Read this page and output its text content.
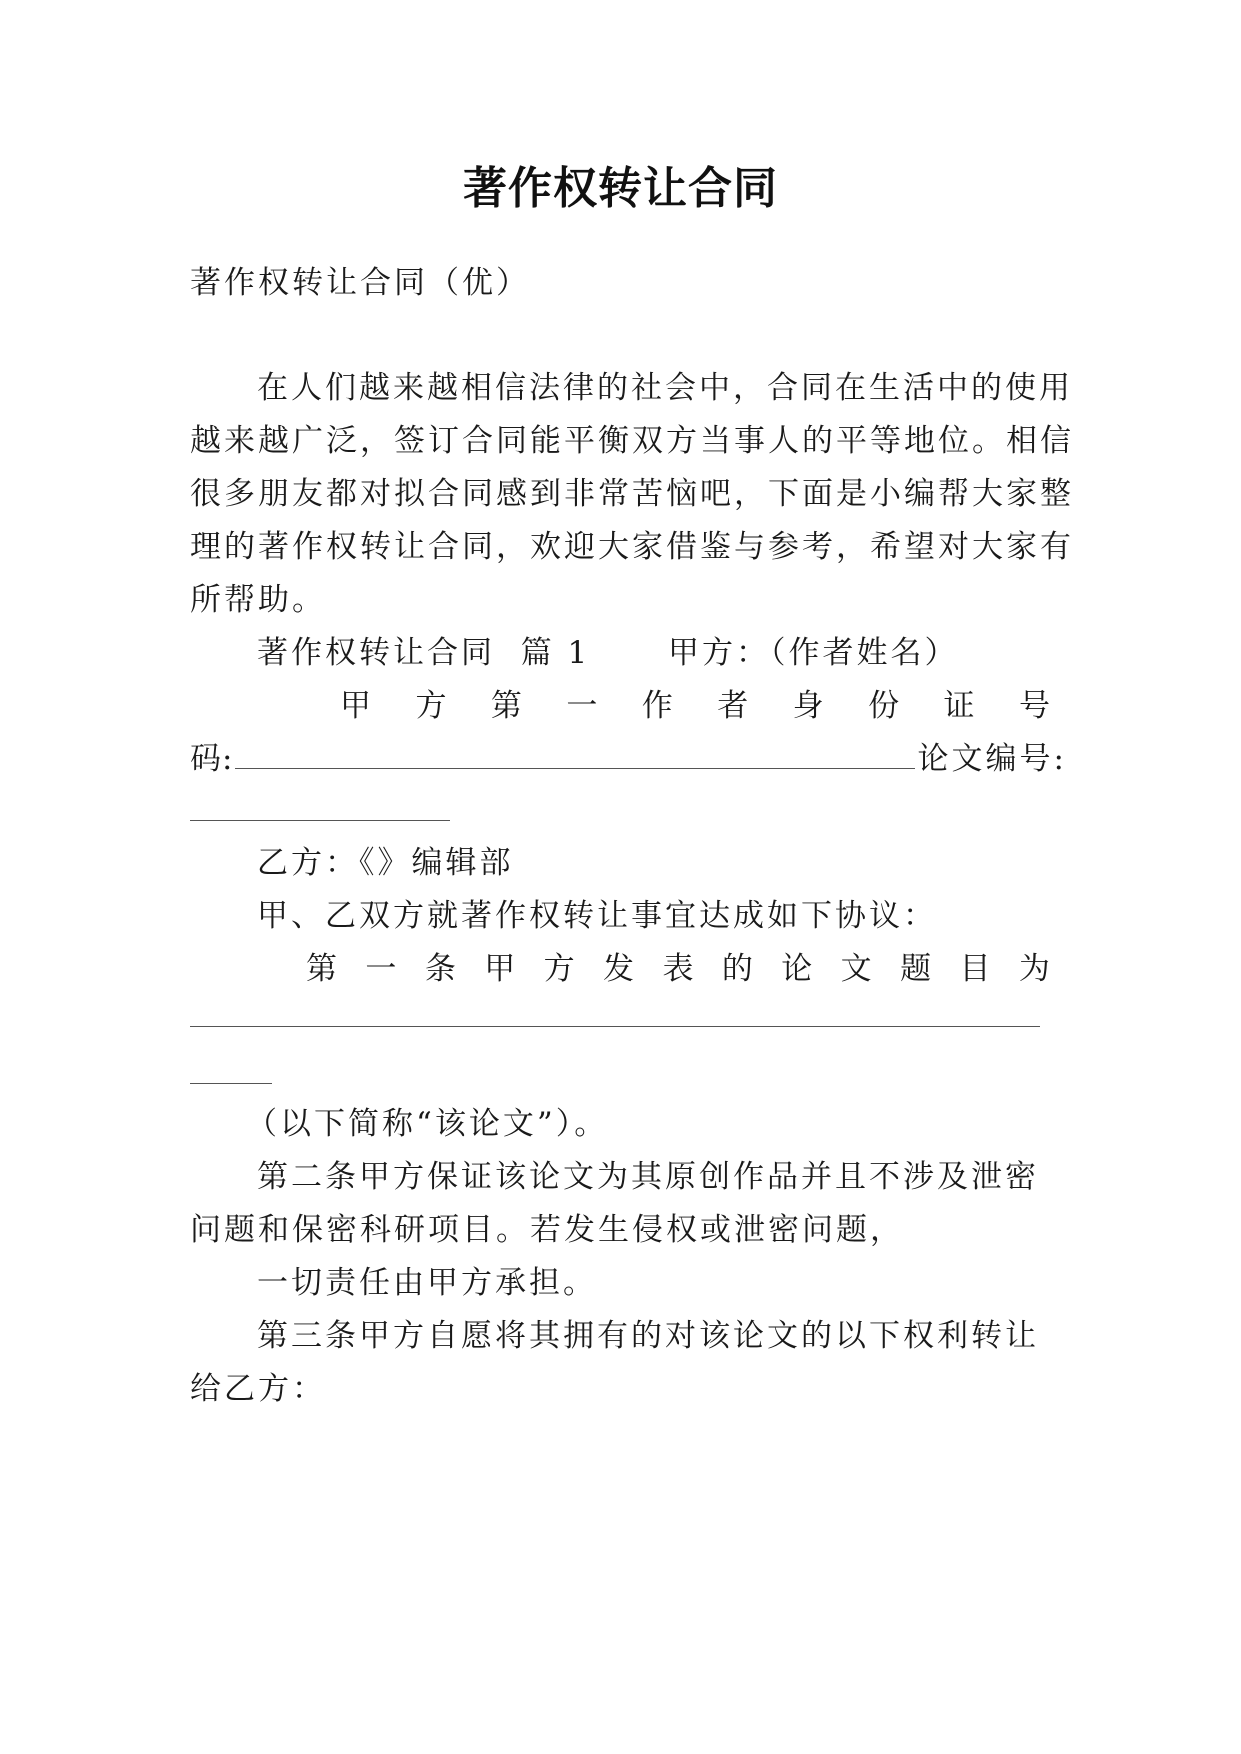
著作权转让合同
著作权转让合同（优）
在人们越来越相信法律的社会中，合同在生活中的使用
越来越广泛，签订合同能平衡双方当事人的平等地位。相信
很多朋友都对拟合同感到非常苦恼吧，下面是小编帮大家整
理的著作权转让合同，欢迎大家借鉴与参考，希望对大家有
所帮助。
著作权转让合同  篇 1	甲方：（作者姓名）
甲 方 第 一 作 者 身 份 证 号
码:	论文编号:
乙方：《》编辑部
甲、乙双方就著作权转让事宜达成如下协议：
第 一 条 甲 方 发 表 的 论 文 题 目 为
（以下简称“该论文”）。
第二条甲方保证该论文为其原创作品并且不涉及泄密
问题和保密科研项目。若发生侵权或泄密问题，
一切责任由甲方承担。
第三条甲方自愿将其拥有的对该论文的以下权利转让
给乙方：
